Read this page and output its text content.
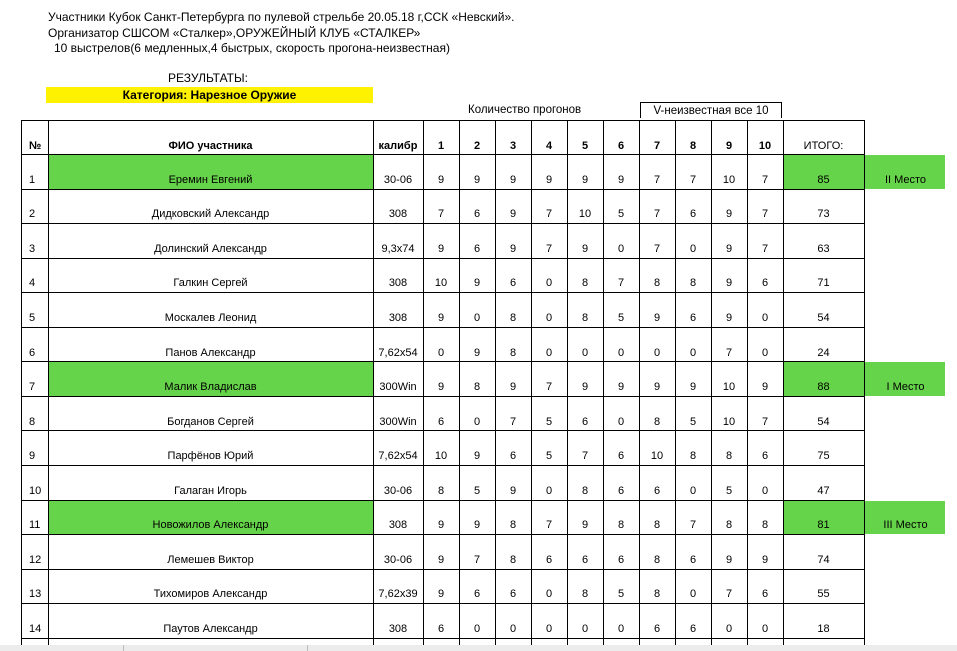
Участники Кубок Санкт-Петербурга по пулевой стрельбе 20.05.18 г,ССК «Невский».
Организатор СШСОМ «Сталкер»,ОРУЖЕЙНЫЙ КЛУБ «СТАЛКЕР»
10 выстрелов(6 медленных,4 быстрых, скорость прогона-неизвестная)
РЕЗУЛЬТАТЫ:
Категория: Нарезное Оружие
Количество прогонов	V-неизвестная все 10
№	ФИО участника	калибр	1	2	3	4	5	6	7	8	9	10	ИТОГО:
1	Еремин Евгений	30-06	9	9	9	9	9	9	7	7	10	7	85	II Место
2	Дидковский Александр	308	7	6	9	7	10	5	7	6	9	7	73
3	Долинский Александр	9,3х74	9	6	9	7	9	0	7	0	9	7	63
4	Галкин Сергей	308	10	9	6	0	8	7	8	8	9	6	71
5	Москалев Леонид	308	9	0	8	0	8	5	9	6	9	0	54
6	Панов Александр	7,62х54	0	9	8	0	0	0	0	0	7	0	24
7	Малик Владислав	300Win	9	8	9	7	9	9	9	9	10	9	88	I Место
8	Богданов Сергей	300Win	6	0	7	5	6	0	8	5	10	7	54
9	Парфёнов Юрий	7,62х54	10	9	6	5	7	6	10	8	8	6	75
10	Галаган Игорь	30-06	8	5	9	0	8	6	6	0	5	0	47
11	Новожилов Александр	308	9	9	8	7	9	8	8	7	8	8	81	III Место
12	Лемешев Виктор	30-06	9	7	8	6	6	6	8	6	9	9	74
13	Тихомиров Александр	7,62х39	9	6	6	0	8	5	8	0	7	6	55
14	Паутов Александр	308	6	0	0	0	0	0	6	6	0	0	18
